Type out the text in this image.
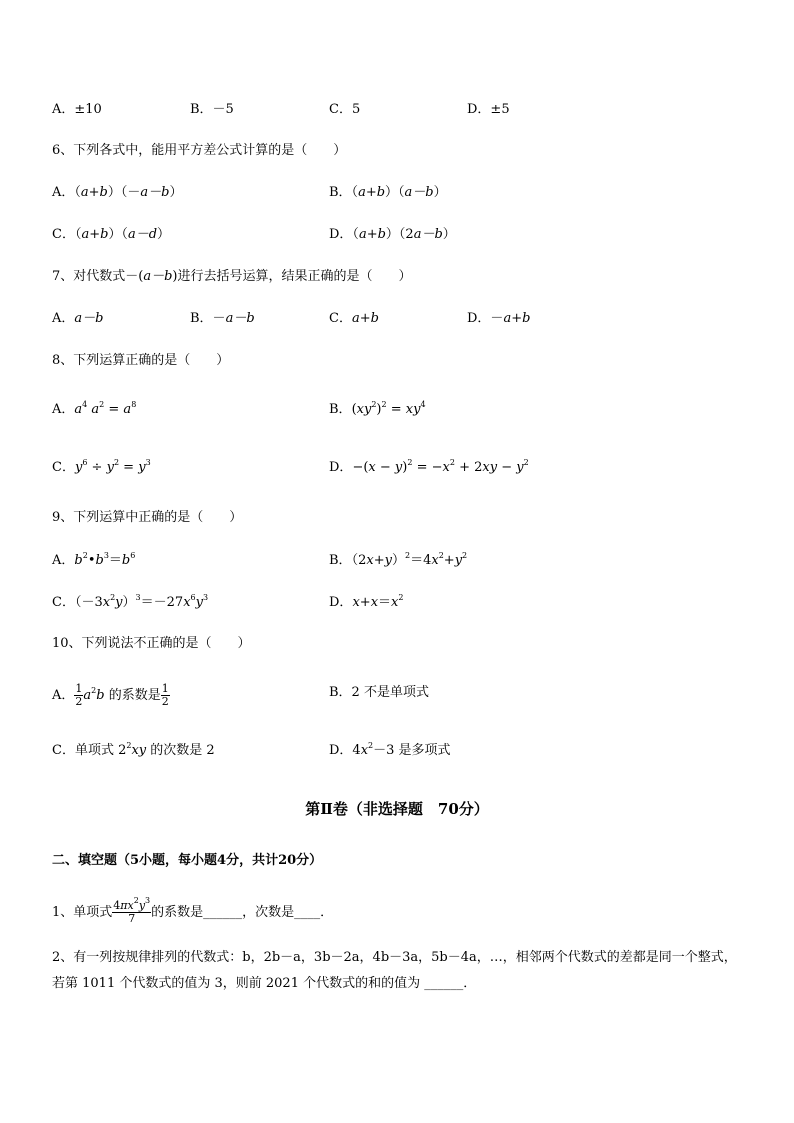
A．±10	B．－5	C．5	D．±5
6、下列各式中，能用平方差公式计算的是（　　）
A．（a+b）（－a－b）	B．（a+b）（a－b）
C．（a+b）（a－d）	D．（a+b）（2a－b）
7、对代数式－(a－b)进行去括号运算，结果正确的是（　　）
A．a－b	B．－a－b	C．a+b	D．－a+b
8、下列运算正确的是（　　）
A．$a^4$ $a^2 = a^8$	B．$(xy^2)^2 = xy^4$
C．$y^6 \div y^2 = y^3$	D．$-(x - y)^2 = -x^2 + 2xy - y^2$
9、下列运算中正确的是（　　）
A．$b^2•b^3=b^6$	B．$(2x+y)^2=4x^2+y^2$
C．$(-3x^2y)^3=-27x^6y^3$	D．$x+x=x^2$
10、下列说法不正确的是（　　）
A． $\frac{1}{2} a^2b$ 的系数是 $\frac{1}{2}$	B．2 不是单项式
C．单项式 $2^2xy$ 的次数是 2	D．$4x^2-3$ 是多项式
第Ⅱ卷（非选择题　70分）
二、填空题（5小题，每小题4分，共计20分）
1、单项式 $\frac{4\pi x^2y^3}{7}$ 的系数是______，次数是____．
2、有一列按规律排列的代数式：b，2b－a，3b－2a，4b－3a，5b－4a，…，相邻两个代数式的差都是同一个整式，若第 1011 个代数式的值为 3，则前 2021 个代数式的和的值为 ______．
